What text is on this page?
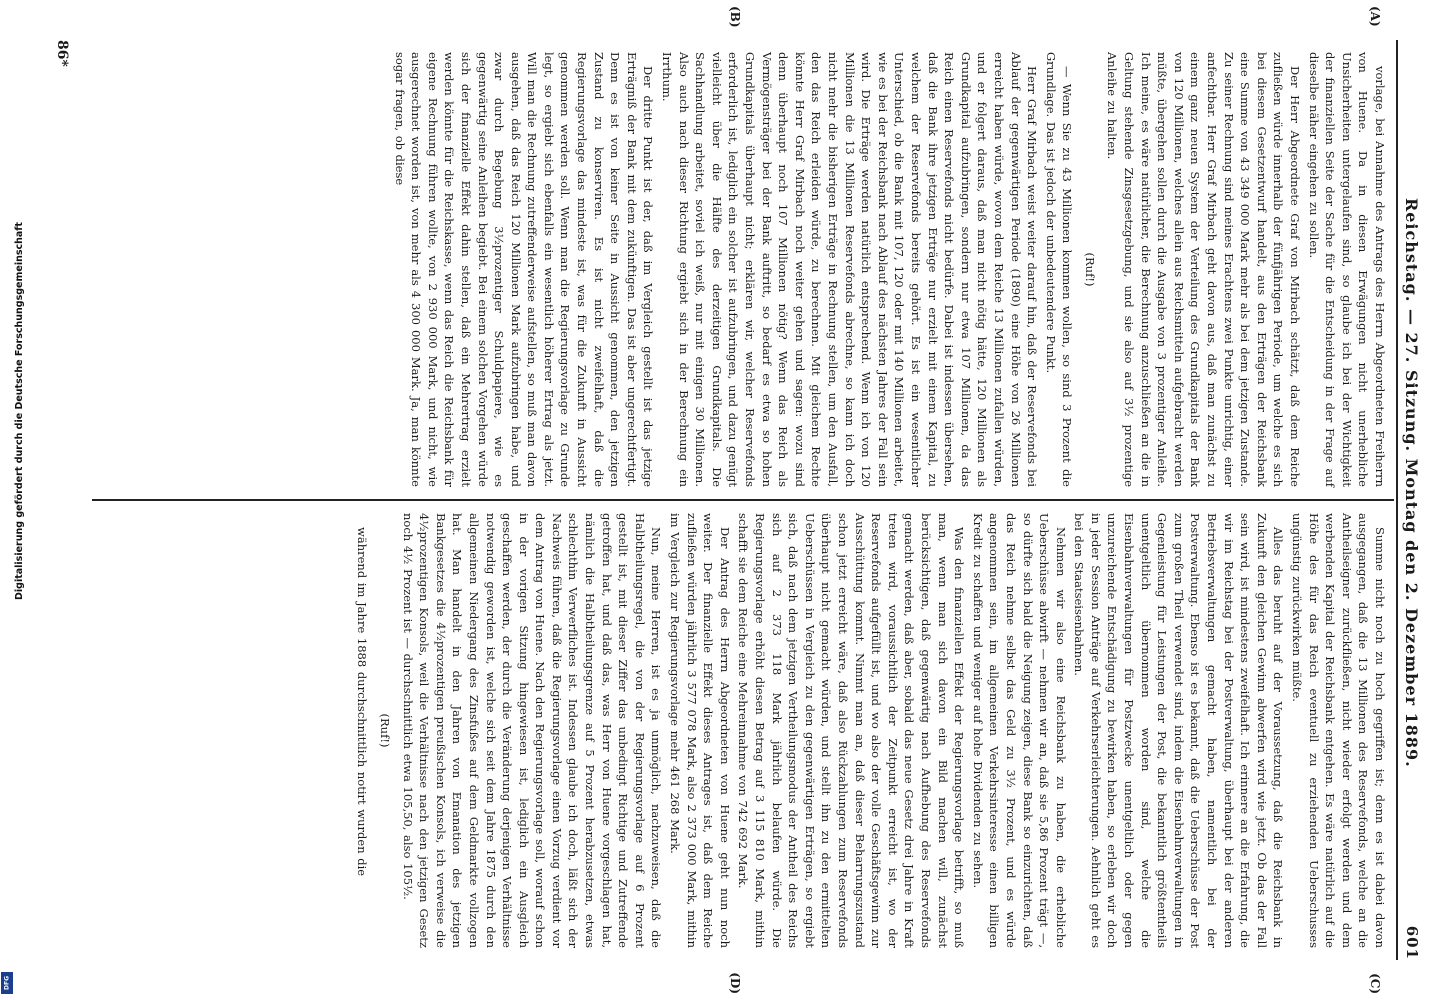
Reichstag. — 27. Sitzung. Montag den 2. Dezember 1889.
601
(A)
(B)
(C)
(D)

vorlage, bei Annahme des Antrags des Herrn Abgeordneten Freiherrn von Huene. Da in diesen Erwägungen nicht unerhebliche Unsicherheiten untergelaufen sind, so glaube ich bei der Wichtigkeit der finanziellen Seite der Sache für die Entscheidung in der Frage auf dieselbe näher eingehen zu sollen.

Der Herr Abgeordnete Graf von Mirbach schätzt, daß dem Reiche zufließen würde innerhalb der fünfjährigen Periode, um welche es sich bei diesem Gesetzentwurf handelt, aus den Erträgen der Reichsbank eine Summe von 43 349 000 Mark mehr als bei dem jetzigen Zustande. Zu seiner Rechnung sind meines Erachtens zwei Punkte unrichtig, einer anfechtbar. Herr Graf Mirbach geht davon aus, daß man zunächst zu einem ganz neuen System der Verteilung des Grundkapitals der Bank von 120 Millionen, welches allein aus Reichsmitteln aufgebracht werden müßte, übergehen sollen durch die Ausgabe von 3 prozentiger Anleihe. Ich meine, es wäre natürlicher, die Berechnung anzuschließen an die in Geltung stehende Zinsgesetzgebung, und sie also auf 3½ prozentige Anleihe zu halten.

(Ruf!)

— Wenn Sie zu 43 Millionen kommen wollen, so sind 3 Prozent die Grundlage. Das ist jedoch der unbedeutendere Punkt.

Herr Graf Mirbach weist weiter darauf hin, daß der Reservefonds bei Ablauf der gegenwärtigen Periode (1890) eine Höhe von 26 Millionen erreicht haben würde, wovon dem Reiche 13 Millionen zufallen würden, und er folgert daraus, daß man nicht nötig hätte, 120 Millionen als Grundkapital aufzubringen, sondern nur etwa 107 Millionen, da das Reich einen Reservefonds nicht bedürfe. Dabei ist indessen übersehen, daß die Bank ihre jetzigen Erträge nur erzielt mit einem Kapital, zu welchem der Reservefonds bereits gehört. Es ist ein wesentlicher Unterschied, ob die Bank mit 107, 120 oder mit 140 Millionen arbeitet, wie es bei der Reichsbank nach Ablauf des nächsten Jahres der Fall sein wird. Die Erträge werden natürlich entsprechend. Wenn ich von 120 Millionen die 13 Millionen Reservefonds abrechne, so kann ich doch nicht mehr die bisherigen Erträge in Rechnung stellen, um den Ausfall, den das Reich erleiden würde, zu berechnen. Mit gleichem Rechte könnte Herr Graf Mirbach noch weiter gehen und sagen: wozu sind denn überhaupt noch 107 Millionen nötig? Wenn das Reich als Vermögensträger bei der Bank auftritt, so bedarf es etwa so hohen Grundkapitals überhaupt nicht; erklären wir, welcher Reservefonds erforderlich ist, lediglich ein solcher ist aufzubringen, und dazu genügt vielleicht über die Hälfte des derzeitigen Grundkapitals. Die Sachhandlung arbeitet, soviel ich weiß, nur mit einigen 30 Millionen. Also auch nach dieser Richtung ergiebt sich in der Berechnung ein Irrthum.

Der dritte Punkt ist der, daß im Vergleich gestellt ist das jetzige Erträgniß der Bank mit dem zukünftigen. Das ist aber ungerechtfertigt. Denn es ist von keiner Seite in Aussicht genommen, den jetzigen Zustand zu konserviren. Es ist nicht zweifelhaft, daß die Regierungsvorlage das mindeste ist, was für die Zukunft in Aussicht genommen werden soll. Wenn man die Regierungsvorlage zu Grunde legt, so ergiebt sich ebenfalls ein wesentlich höherer Ertrag als jetzt. Will man die Rechnung zutreffenderweise aufstellen, so muß man davon ausgehen, daß das Reich 120 Millionen Mark aufzubringen habe, und zwar durch Begebung 3½prozentiger Schuldpapiere, wie es gegenwärtig seine Anleihen begiebt. Bei einem solchen Vorgehen würde sich der finanzielle Effekt dahin stellen, daß ein Mehrertrag erzielt werden könnte für die Reichskasse, wenn das Reich die Reichsbank für eigene Rechnung führen wollte, von 2 930 000 Mark, und nicht, wie ausgerechnet worden ist, von mehr als 4 300 000 Mark. Ja, man könnte sogar fragen, ob diese

Summe nicht noch zu hoch gegriffen ist; denn es ist dabei davon ausgegangen, daß die 13 Millionen des Reservefonds, welche an die Antheilseigner zurückfließen, nicht wieder erfolgt werden und dem werbenden Kapital der Reichsbank entgehen. Es wäre natürlich auf die Höhe des für das Reich eventuell zu erziehenden Ueberschusses ungünstig zurückwirken müßte.

Alles das beruht auf der Voraussetzung, daß die Reichsbank in Zukunft den gleichen Gewinn abwerfen wird wie jetzt. Ob das der Fall sein wird, ist mindestens zweifelhaft. Ich erinnere an die Erfahrung, die wir im Reichstag bei der Postverwaltung, überhaupt bei der anderen Betriebsverwaltungen gemacht haben, namentlich bei der Postverwaltung. Ebenso ist es bekannt, daß die Ueberschüsse der Post zum großen Theil verwendet sind, indem die Eisenbahnverwaltungen in Gegenleistung für Leistungen der Post, die bekanntlich größtentheils unentgeltlich übernommen worden sind, welche die Eisenbahnverwaltungen für Postzwecke unentgeltlich oder gegen unzureichende Entschädigung zu bewirken haben, so erleben wir doch in jeder Session Anträge auf Verkehrserleichterungen. Aehnlich geht es bei den Staatseisenbahnen.

Nehmen wir also eine Reichsbank zu haben, die erhebliche Ueberschüsse abwirft — nehmen wir an, daß sie 5,86 Prozent trägt —, so dürfte sich bald die Neigung zeigen, diese Bank so einzurichten, daß das Reich nehme selbst das Geld zu 3½ Prozent, und es würde angenommen sein, im allgemeinen Verkehrsinteresse einen billigen Kredit zu schaffen und weniger auf hohe Dividenden zu sehen.

Was den finanziellen Effekt der Regierungsvorlage betrifft, so muß man, wenn man sich davon ein Bild machen will, zunächst berücksichtigen, daß gegenwärtig nach Aufhebung des Reservefonds gemacht werden, daß aber, sobald das neue Gesetz drei Jahre in Kraft treten wird, voraussichtlich der Zeitpunkt erreicht ist, wo der Reservefonds aufgefüllt ist, und wo also der volle Geschäftsgewinn zur Ausschüttung kommt. Nimmt man an, daß dieser Beharrungszustand schon jetzt erreicht wäre, daß also Rückzahlungen zum Reservefonds überhaupt nicht gemacht würden, und stellt ihn zu den ermittelten Ueberschüssen in Vergleich zu den gegenwärtigen Erträgen, so ergiebt sich, daß nach dem jetzigen Vertheilungsmodus der Antheil des Reichs sich auf 2 373 118 Mark jährlich belaufen würde. Die Regierungsvorlage erhöht diesen Betrag auf 3 115 810 Mark, mithin schafft sie dem Reiche eine Mehreinnahme von 742 692 Mark.

Der Antrag des Herrn Abgeordneten von Huene geht nun noch weiter. Der finanzielle Effekt dieses Antrages ist, daß dem Reiche zufließen würden jährlich 3 577 078 Mark, also 2 373 000 Mark, mithin im Vergleich zur Regierungsvorlage mehr 461 268 Mark.

Nun, meine Herren, ist es ja unmöglich, nachzuweisen, daß die Halbtheilungsregel, die von der Regierungsvorlage auf 6 Prozent gestellt ist, mit dieser Ziffer das unbedingt Richtige und Zutreffende getroffen hat, und daß das, was Herr von Huene vorgeschlagen hat, nämlich die Halbtheilungsgrenze auf 5 Prozent herabzusetzen, etwas schlechthin Verwerfliches ist. Indessen glaube ich doch, läßt sich der Nachweis führen, daß die Regierungsvorlage einen Vorzug verdient vor dem Antrag von Huene. Nach den Regierungsvorlage soll, worauf schon in der vorigen Sitzung hingewiesen ist, lediglich ein Ausgleich geschaffen werden, der durch die Veränderung derjenigen Verhältnisse notwendig geworden ist, welche sich seit dem Jahre 1875 durch den allgemeinen Niedergang des Zinsfußes auf dem Geldmarkte vollzogen hat. Man handelt in den Jahren von Emanation des jetzigen Bankgesetzes die 4½prozentigen preußischen Konsols, ich verweise die 4½prozentigen Konsols, weil die Verhältnisse nach den jetzigen Gesetz noch 4½ Prozent ist — durchschnittlich etwa 105,50, also 105½.

(Ruf!)

während im Jahre 1888 durchschnittlich notirt wurden die

86*
Digitalisierung gefördert durch die Deutsche Forschungsgemeinschaft
DFG
